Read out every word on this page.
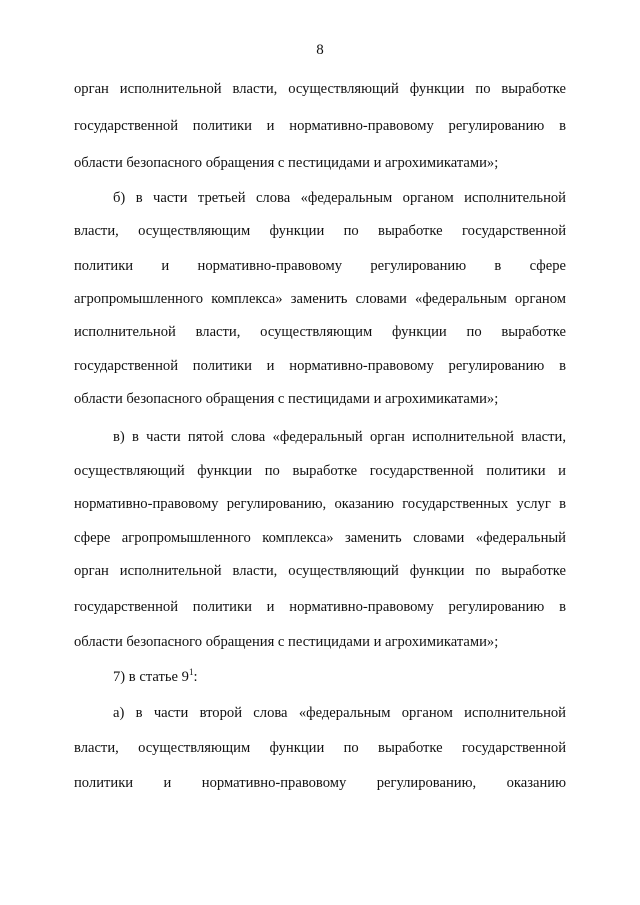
8
орган исполнительной власти, осуществляющий функции по выработке
государственной политики и нормативно-правовому регулированию в
области безопасного обращения с пестицидами и агрохимикатами»;
б) в части третьей слова «федеральным органом исполнительной
власти, осуществляющим функции по выработке государственной
политики и нормативно-правовому регулированию в сфере
агропромышленного комплекса» заменить словами «федеральным органом
исполнительной власти, осуществляющим функции по выработке
государственной политики и нормативно-правовому регулированию в
области безопасного обращения с пестицидами и агрохимикатами»;
в) в части пятой слова «федеральный орган исполнительной власти,
осуществляющий функции по выработке государственной политики и
нормативно-правовому регулированию, оказанию государственных услуг в
сфере агропромышленного комплекса» заменить словами «федеральный
орган исполнительной власти, осуществляющий функции по выработке
государственной политики и нормативно-правовому регулированию в
области безопасного обращения с пестицидами и агрохимикатами»;
7) в статье $9^1$:
а) в части второй слова «федеральным органом исполнительной
власти, осуществляющим функции по выработке государственной
политики и нормативно-правовому регулированию, оказанию
